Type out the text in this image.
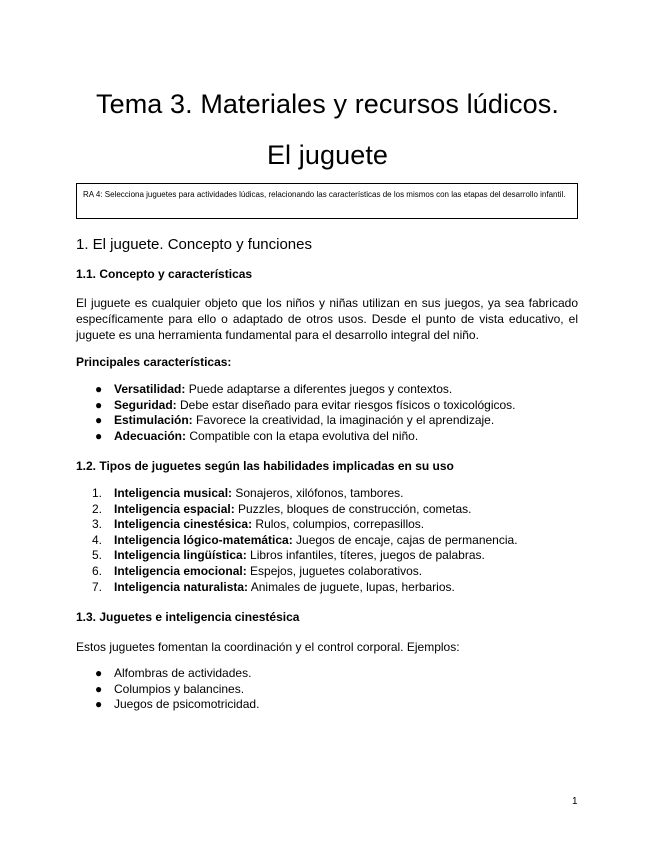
Tema 3. Materiales y recursos lúdicos.
El juguete
RA 4: Selecciona juguetes para actividades lúdicas, relacionando las características de los mismos con las etapas del desarrollo infantil.
1. El juguete. Concepto y funciones
1.1. Concepto y características

El juguete es cualquier objeto que los niños y niñas utilizan en sus juegos, ya sea fabricado específicamente para ello o adaptado de otros usos. Desde el punto de vista educativo, el juguete es una herramienta fundamental para el desarrollo integral del niño.

Principales características:

● Versatilidad: Puede adaptarse a diferentes juegos y contextos.
● Seguridad: Debe estar diseñado para evitar riesgos físicos o toxicológicos.
● Estimulación: Favorece la creatividad, la imaginación y el aprendizaje.
● Adecuación: Compatible con la etapa evolutiva del niño.
1.2. Tipos de juguetes según las habilidades implicadas en su uso
1. Inteligencia musical: Sonajeros, xilófonos, tambores.
2. Inteligencia espacial: Puzzles, bloques de construcción, cometas.
3. Inteligencia cinestésica: Rulos, columpios, correpasillos.
4. Inteligencia lógico-matemática: Juegos de encaje, cajas de permanencia.
5. Inteligencia lingüística: Libros infantiles, títeres, juegos de palabras.
6. Inteligencia emocional: Espejos, juguetes colaborativos.
7. Inteligencia naturalista: Animales de juguete, lupas, herbarios.
1.3. Juguetes e inteligencia cinestésica

Estos juguetes fomentan la coordinación y el control corporal. Ejemplos:

● Alfombras de actividades.
● Columpios y balancines.
● Juegos de psicomotricidad.
1
